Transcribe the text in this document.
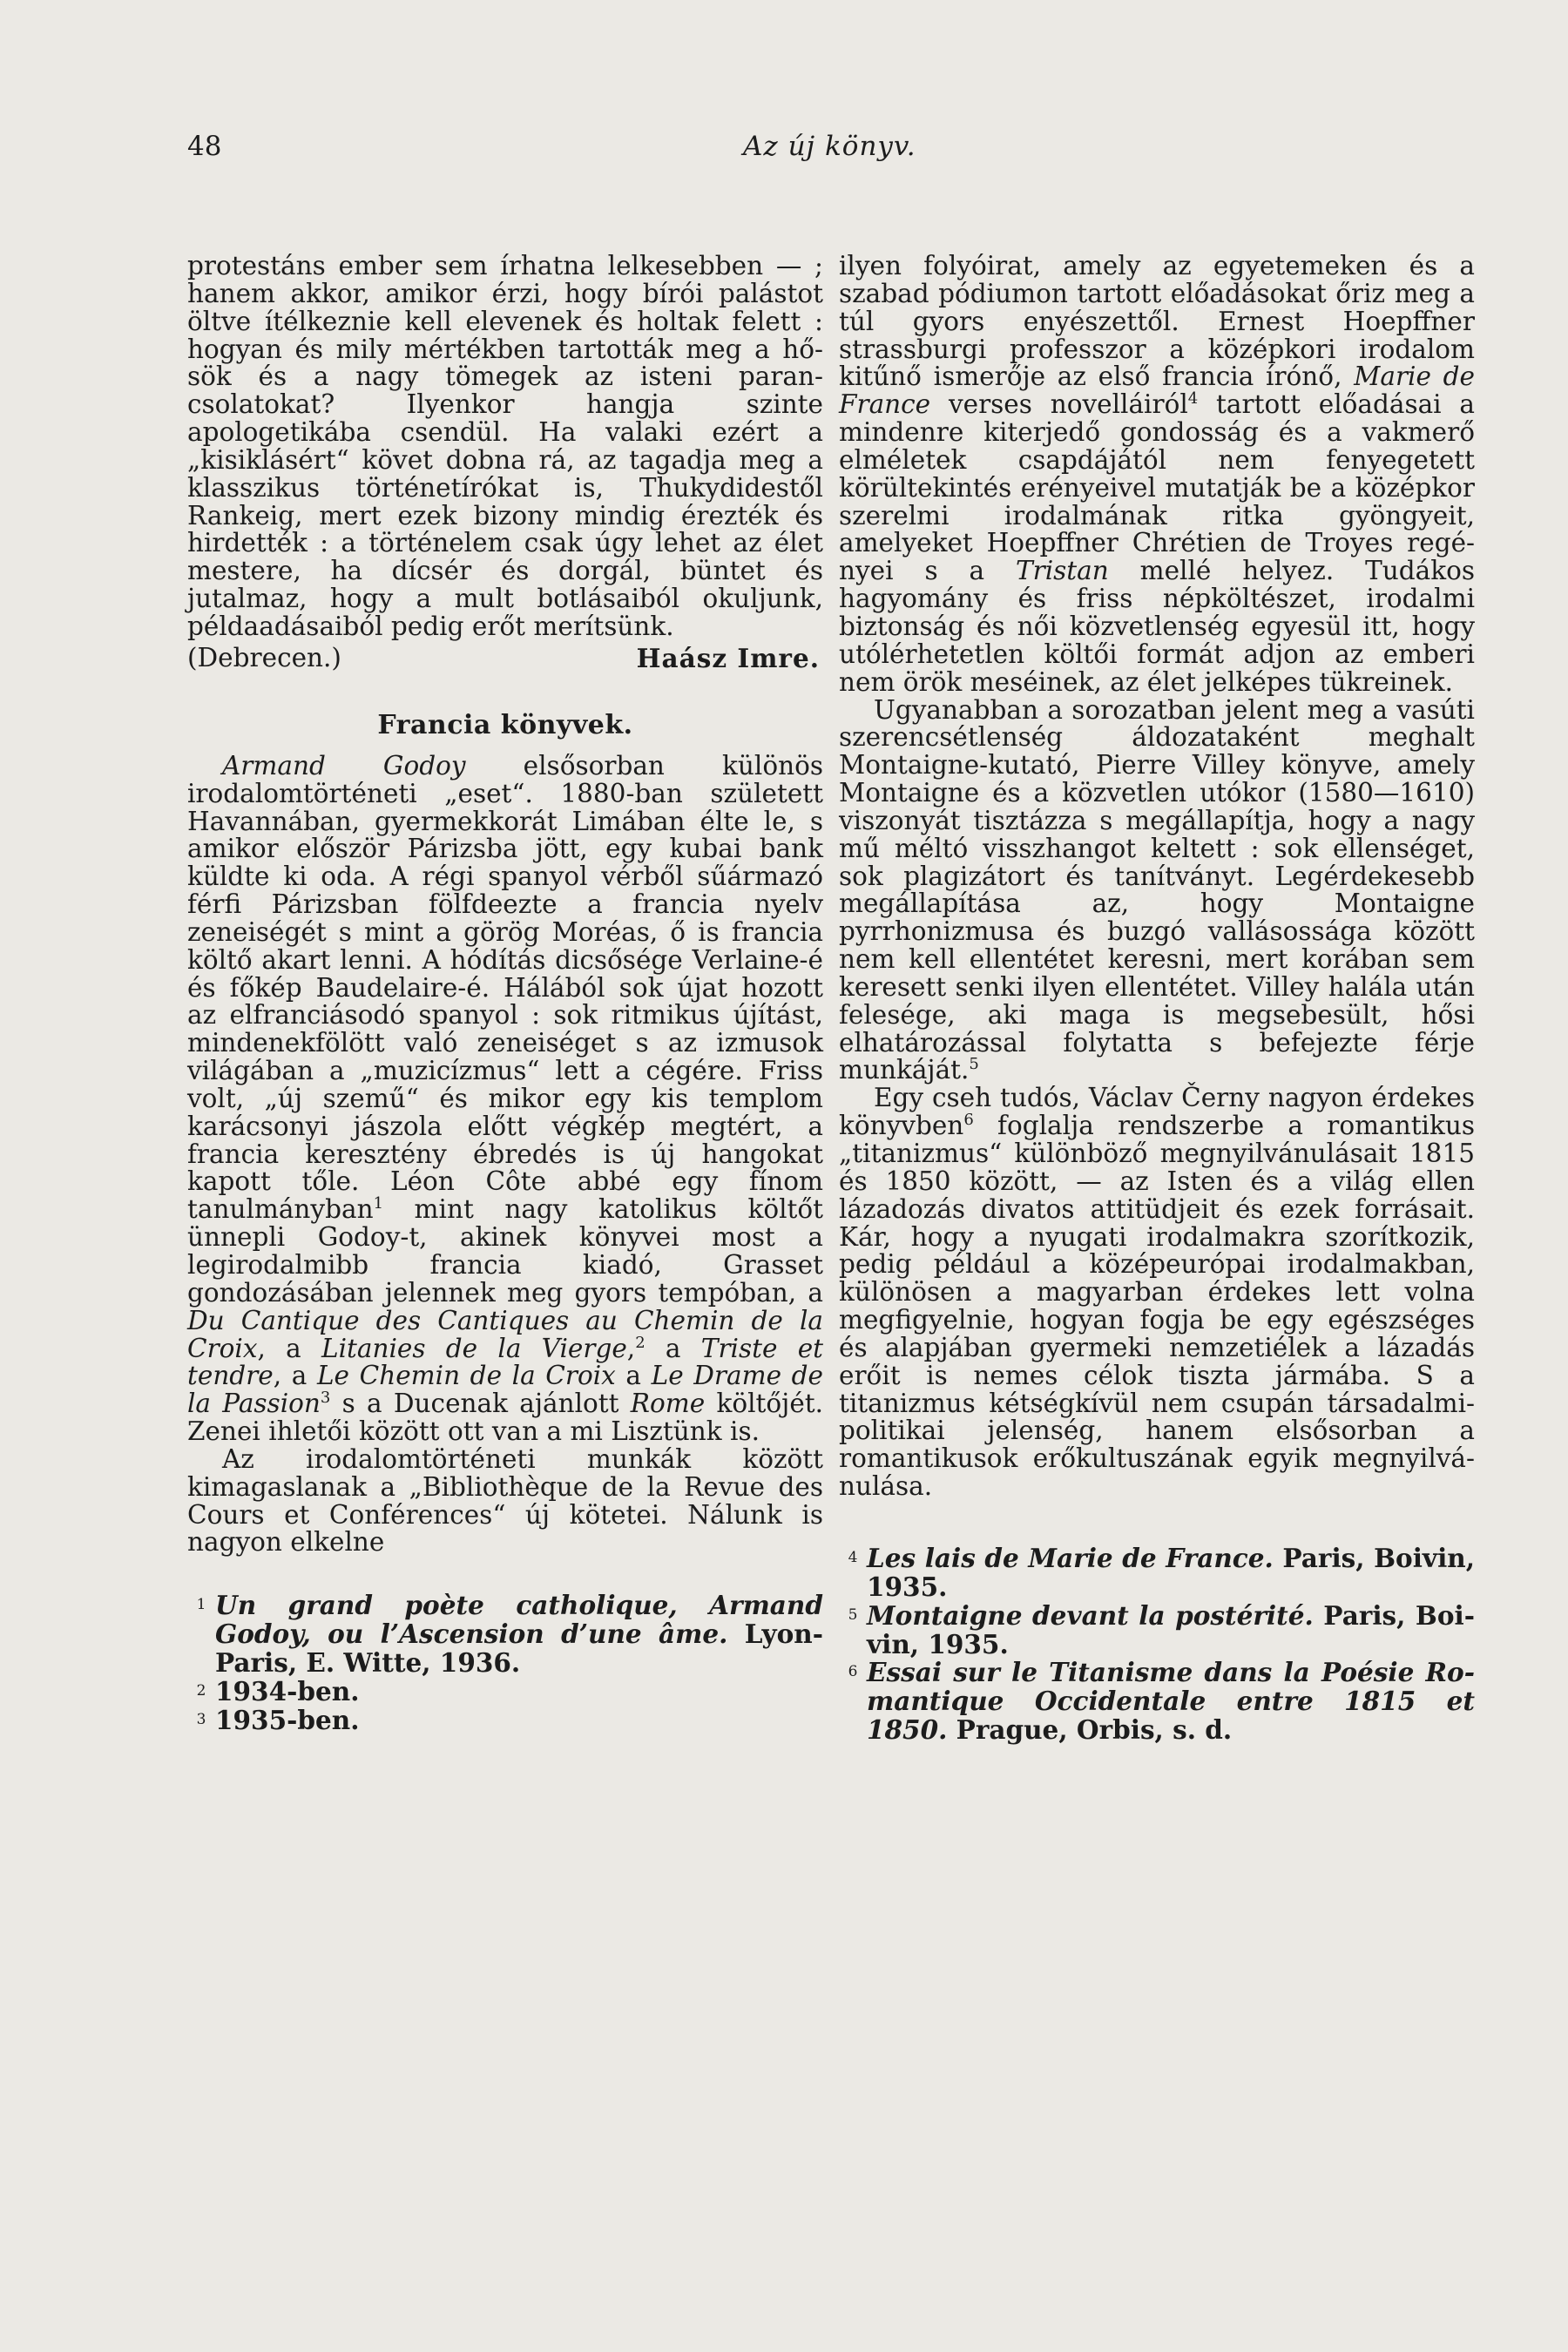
48	Az új könyv.

protestáns ember sem írhatna lelkesebben — ; hanem akkor, amikor érzi, hogy bírói palástot öltve ítélkeznie kell elevenek és holtak felett : hogyan és mily mértékben tartották meg a hősök és a nagy tömegek az isteni parancsolatokat? Ilyenkor hangja szinte apologetikába csendül. Ha valaki ezért a „kisiklásért“ követ dobna rá, az tagadja meg a klasszikus történetírókat is, Thukydidestől Rankeig, mert ezek bizony mindig érezték és hirdették : a történelem csak úgy lehet az élet mestere, ha dícsér és dorgál, büntet és jutalmaz, hogy a mult botlásaiból okuljunk, példaadásaiból pedig erőt merítsünk.

(Debrecen.)	Haász Imre.
Francia könyvek.

Armand Godoy elsősorban különös irodalomtörténeti „eset“. 1880-ban született Havannában, gyermekkorát Limában élte le, s amikor először Párizsba jött, egy kubai bank küldte ki oda. A régi spanyol vérből sűármazó férfi Párizsban fölfdeezte a francia nyelv zeneiségét s mint a görög Moréas, ő is francia költő akart lenni. A hódítás dicsősége Verlaine-é és főkép Baudelaire-é. Hálából sok újat hozott az elfranciásodó spanyol : sok ritmikus újítást, mindenekfölött való zeneiséget s az izmusok világában a „muzicízmus“ lett a cégére. Friss volt, „új szemű“ és mikor egy kis templom karácsonyi jászola előtt végkép megtért, a francia keresztény ébredés is új hangokat kapott tőle. Léon Côte abbé egy fínom tanulmányban$^1$ mint nagy katolikus költőt ünnepli Godoy-t, akinek könyvei most a legirodalmibb francia kiadó, Grasset gondozásában jelennek meg gyors tempóban, a Du Cantique des Cantiques au Chemin de la Croix, a Litanies de la Vierge,$^2$ a Triste et tendre, a Le Chemin de la Croix a Le Drame de la Passion$^3$ s a Ducenak ajánlott Rome költőjét. Zenei ihletői között ott van a mi Lisztünk is.

Az irodalomtörténeti munkák között kimagaslanak a „Bibliothèque de la Revue des Cours et Conférences“ új kötetei. Nálunk is nagyon elkelne

1 Un grand poète catholique, Armand Godoy, ou l’Ascension d’une âme. Lyon-Paris, E. Witte, 1936.

2 1934-ben.

3 1935-ben.

ilyen folyóirat, amely az egyetemeken és a szabad pódiumon tartott előadásokat őriz meg a túl gyors enyészettől. Ernest Hoepffner strassburgi professzor a középkori irodalom kitűnő ismerője az első francia írónő, Marie de France verses novelláiról$^4$ tartott előadásai a mindenre kiterjedő gondosság és a vakmerő elméletek csapdájától nem fenyegetett körültekintés erényeivel mutatják be a középkor szerelmi irodalmának ritka gyöngyeit, amelyeket Hoepffner Chrétien de Troyes regényei s a Tristan mellé helyez. Tudákos hagyomány és friss népköltészet, irodalmi biztonság és női közvetlenség egyesül itt, hogy utólérhetetlen költői formát adjon az emberi nem örök meséinek, az élet jelképes tükreinek.

Ugyanabban a sorozatban jelent meg a vasúti szerencsétlenség áldozataként meghalt Montaigne-kutató, Pierre Villey könyve, amely Montaigne és a közvetlen utókor (1580—1610) viszonyát tisztázza s megállapítja, hogy a nagy mű méltó visszhangot keltett : sok ellenséget, sok plagizátort és tanítványt. Legérdekesebb megállapítása az, hogy Montaigne pyrrhonizmusa és buzgó vallásossága között nem kell ellentétet keresni, mert korában sem keresett senki ilyen ellentétet. Villey halála után felesége, aki maga is megsebesült, hősi elhatározással folytatta s befejezte férje munkáját.$^5$

Egy cseh tudós, Václav Černy nagyon érdekes könyvben$^6$ foglalja rendszerbe a romantikus „titanizmus“ különböző megnyilvánulásait 1815 és 1850 között, — az Isten és a világ ellen lázadozás divatos attitüdjeit és ezek forrásait. Kár, hogy a nyugati irodalmakra szorítkozik, pedig például a középeurópai irodalmakban, különösen a magyarban érdekes lett volna megfigyelnie, hogyan fogja be egy egészséges és alapjában gyermeki nemzetiélek a lázadás erőit is nemes célok tiszta jármába. S a titanizmus kétségkívül nem csupán társadalmi-politikai jelenség, hanem elsősorban a romantikusok erőkultuszának egyik megnyilvánulása.

4 Les lais de Marie de France. Paris, Boivin, 1935.

5 Montaigne devant la postérité. Paris, Boivin, 1935.

6 Essai sur le Titanisme dans la Poésie Romantique Occidentale entre 1815 et 1850. Prague, Orbis, s. d.
